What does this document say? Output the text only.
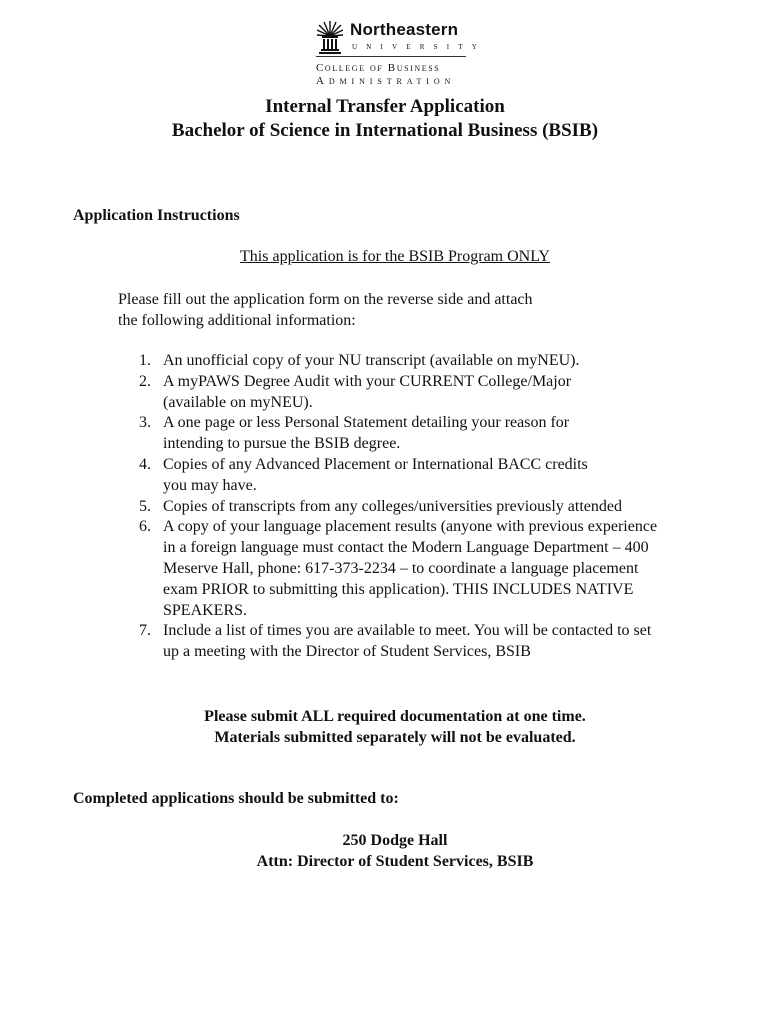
Northeastern
UNIVERSITY
College of Business
Administration
Internal Transfer Application
Bachelor of Science in International Business (BSIB)
Application Instructions
This application is for the BSIB Program ONLY
Please fill out the application form on the reverse side and attach
the following additional information:
1. An unofficial copy of your NU transcript (available on myNEU).
2. A myPAWS Degree Audit with your CURRENT College/Major
(available on myNEU).
3. A one page or less Personal Statement detailing your reason for
intending to pursue the BSIB degree.
4. Copies of any Advanced Placement or International BACC credits
you may have.
5. Copies of transcripts from any colleges/universities previously attended
6. A copy of your language placement results (anyone with previous experience
in a foreign language must contact the Modern Language Department – 400
Meserve Hall, phone: 617-373-2234 – to coordinate a language placement
exam PRIOR to submitting this application). THIS INCLUDES NATIVE
SPEAKERS.
7. Include a list of times you are available to meet. You will be contacted to set
up a meeting with the Director of Student Services, BSIB
Please submit ALL required documentation at one time.
Materials submitted separately will not be evaluated.
Completed applications should be submitted to:
250 Dodge Hall
Attn: Director of Student Services, BSIB
